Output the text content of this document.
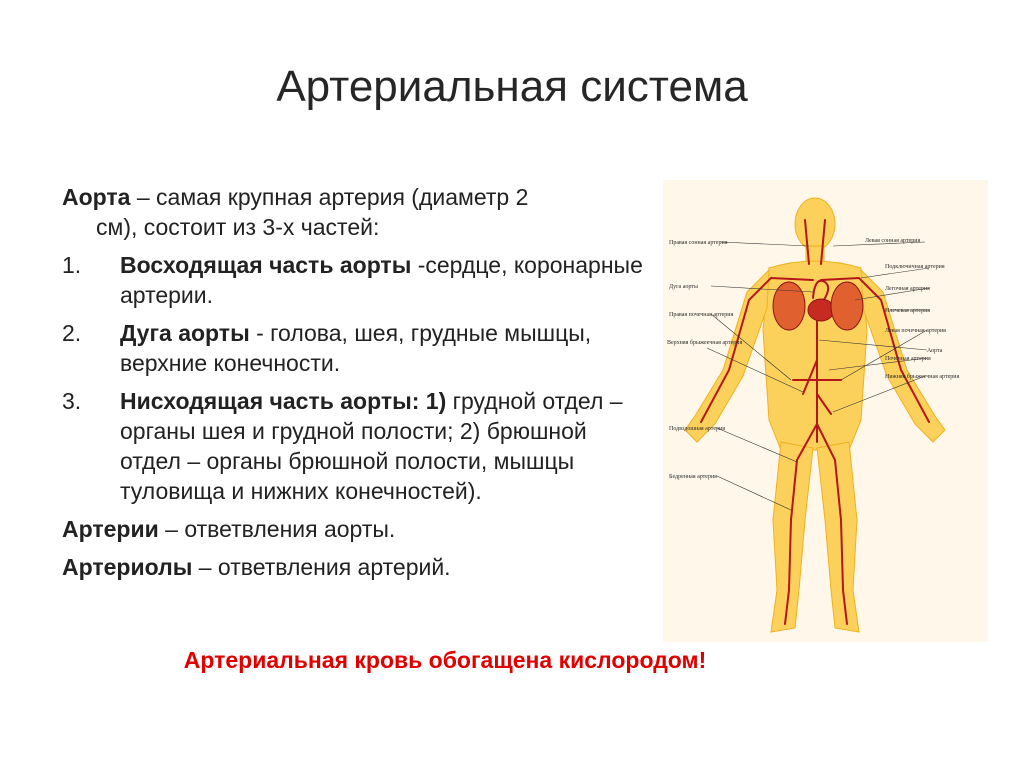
Артериальная система

Аорта – самая крупная артерия (диаметр 2
см), состоит из 3-х частей:

1.	Восходящая часть аорты -сердце, коронарные артерии.
2.	Дуга аорты - голова, шея, грудные мышцы, верхние конечности.
3.	Нисходящая часть аорты: 1) грудной отдел – органы шея и грудной полости; 2) брюшной отдел – органы брюшной полости, мышцы туловища и нижних конечностей).

Артерии – ответвления аорты.

Артериолы – ответвления артерий.

Артериальная кровь обогащена кислородом!
Правая сонная артерия
Дуга аорты
Правая почечная артерия
Верхняя брыжеечная артерия
Подвздошная артерия
Бедренная артерия
Левая сонная артерия
Подключичная артерия
Легочная артерия
Плечевая артерия
Левая почечная артерия
Аорта
Почечная артерия
Нижняя брыжеечная артерия
